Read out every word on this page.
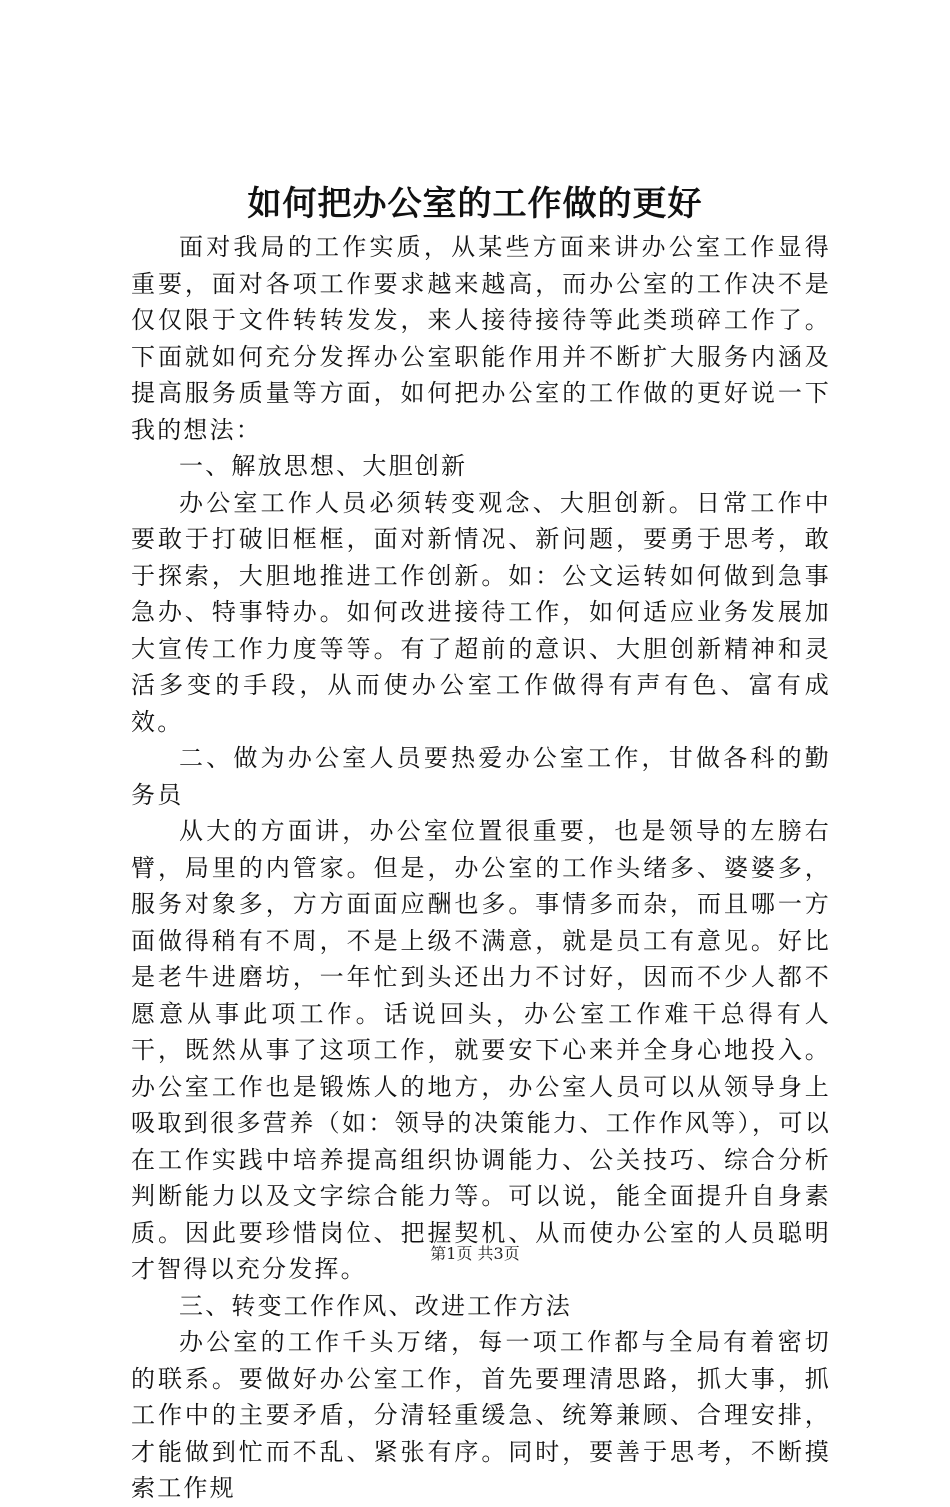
如何把办公室的工作做的更好

面对我局的工作实质，从某些方面来讲办公室工作显得重要，面对各项工作要求越来越高，而办公室的工作决不是仅仅限于文件转转发发，来人接待接待等此类琐碎工作了。下面就如何充分发挥办公室职能作用并不断扩大服务内涵及提高服务质量等方面，如何把办公室的工作做的更好说一下我的想法：

一、解放思想、大胆创新

办公室工作人员必须转变观念、大胆创新。日常工作中要敢于打破旧框框，面对新情况、新问题，要勇于思考，敢于探索，大胆地推进工作创新。如：公文运转如何做到急事急办、特事特办。如何改进接待工作，如何适应业务发展加大宣传工作力度等等。有了超前的意识、大胆创新精神和灵活多变的手段，从而使办公室工作做得有声有色、富有成效。

二、做为办公室人员要热爱办公室工作，甘做各科的勤务员

从大的方面讲，办公室位置很重要，也是领导的左膀右臂，局里的内管家。但是，办公室的工作头绪多、婆婆多，服务对象多，方方面面应酬也多。事情多而杂，而且哪一方面做得稍有不周，不是上级不满意，就是员工有意见。好比是老牛进磨坊，一年忙到头还出力不讨好，因而不少人都不愿意从事此项工作。话说回头，办公室工作难干总得有人干，既然从事了这项工作，就要安下心来并全身心地投入。办公室工作也是锻炼人的地方，办公室人员可以从领导身上吸取到很多营养（如：领导的决策能力、工作作风等），可以在工作实践中培养提高组织协调能力、公关技巧、综合分析判断能力以及文字综合能力等。可以说，能全面提升自身素质。因此要珍惜岗位、把握契机、从而使办公室的人员聪明才智得以充分发挥。

三、转变工作作风、改进工作方法

办公室的工作千头万绪，每一项工作都与全局有着密切的联系。要做好办公室工作，首先要理清思路，抓大事，抓工作中的主要矛盾，分清轻重缓急、统筹兼顾、合理安排，才能做到忙而不乱、紧张有序。同时，要善于思考，不断摸索工作规

第1页 共3页
